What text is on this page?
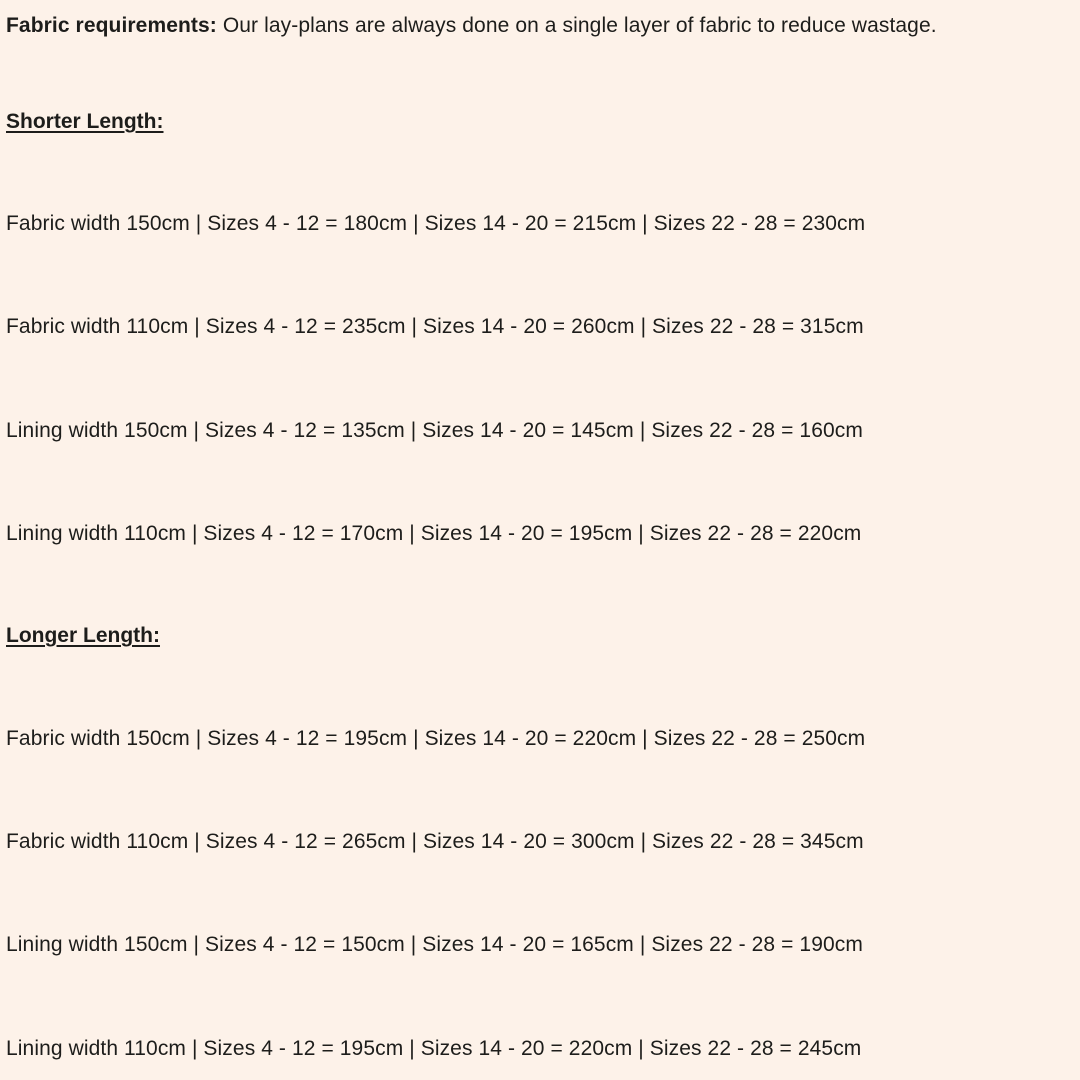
Fabric requirements: Our lay-plans are always done on a single layer of fabric to reduce wastage.

Shorter Length:

Fabric width 150cm | Sizes 4 - 12 = 180cm | Sizes 14 - 20 = 215cm | Sizes 22 - 28 = 230cm

Fabric width 110cm | Sizes 4 - 12 = 235cm | Sizes 14 - 20 = 260cm | Sizes 22 - 28 = 315cm

Lining width 150cm | Sizes 4 - 12 = 135cm | Sizes 14 - 20 = 145cm | Sizes 22 - 28 = 160cm

Lining width 110cm | Sizes 4 - 12 = 170cm | Sizes 14 - 20 = 195cm | Sizes 22 - 28 = 220cm

Longer Length:

Fabric width 150cm | Sizes 4 - 12 = 195cm | Sizes 14 - 20 = 220cm | Sizes 22 - 28 = 250cm

Fabric width 110cm | Sizes 4 - 12 = 265cm | Sizes 14 - 20 = 300cm | Sizes 22 - 28 = 345cm

Lining width 150cm | Sizes 4 - 12 = 150cm | Sizes 14 - 20 = 165cm | Sizes 22 - 28 = 190cm

Lining width 110cm | Sizes 4 - 12 = 195cm | Sizes 14 - 20 = 220cm | Sizes 22 - 28 = 245cm
